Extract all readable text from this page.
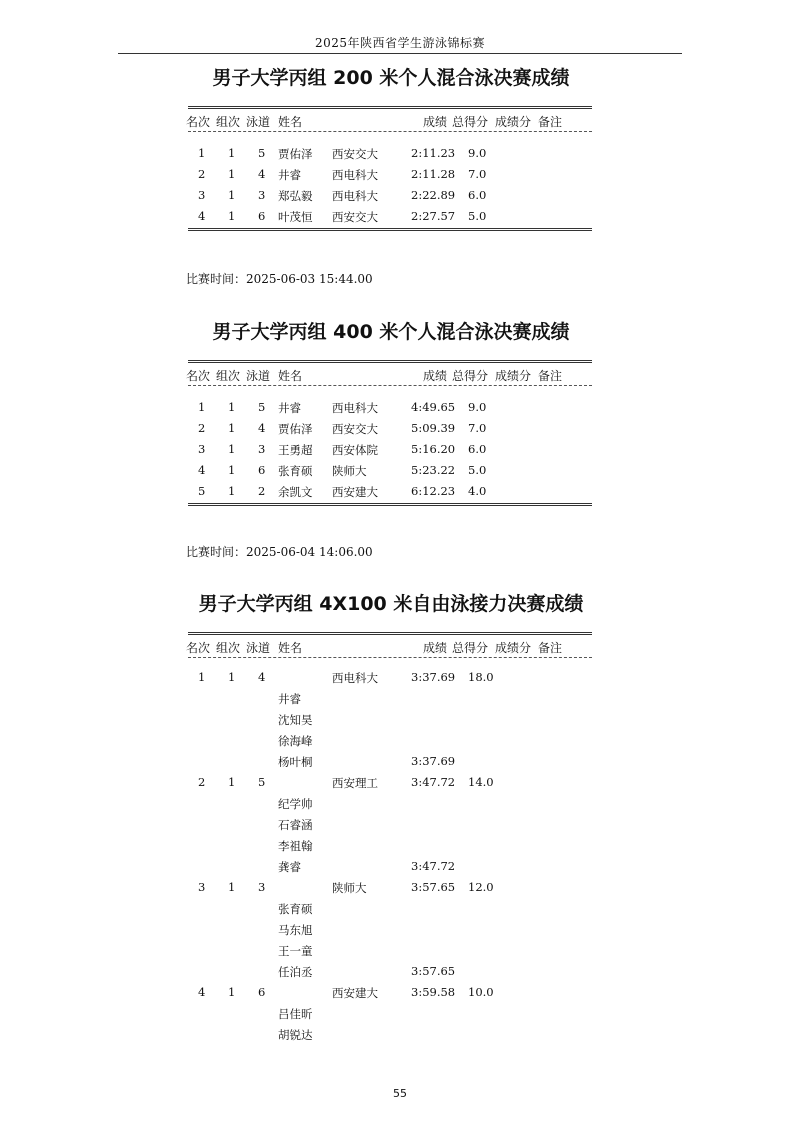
2025年陕西省学生游泳锦标赛
男子大学丙组 200 米个人混合泳决赛成绩
名次 组次 泳道 姓名	成绩 总得分 成绩分 备注
1 1 5 贾佑泽 西安交大	2:11.23 9.0
2 1 4 井睿	西电科大	2:11.28 7.0
3 1 3 郑弘毅 西电科大	2:22.89 6.0
4 1 6 叶茂恒 西安交大	2:27.57 5.0
比赛时间：2025-06-03 15:44.00
男子大学丙组 400 米个人混合泳决赛成绩
名次 组次 泳道 姓名	成绩 总得分 成绩分 备注
1 1 5 井睿	西电科大	4:49.65 9.0
2 1 4 贾佑泽 西安交大	5:09.39 7.0
3 1 3 王勇超 西安体院	5:16.20 6.0
4 1 6 张育硕 陕师大	5:23.22 5.0
5 1 2 余凯文 西安建大	6:12.23 4.0
比赛时间：2025-06-04 14:06.00
男子大学丙组 4X100 米自由泳接力决赛成绩
名次 组次 泳道 姓名	成绩 总得分 成绩分 备注
1 1 4	西电科大	3:37.69 18.0
井睿
沈知昊
徐海峰
杨叶桐	3:37.69
2 1 5	西安理工	3:47.72 14.0
纪学帅
石睿涵
李祖翰
龚睿	3:47.72
3 1 3	陕师大	3:57.65 12.0
张育硕
马东旭
王一童
任泊丞	3:57.65
4 1 6	西安建大	3:59.58 10.0
吕佳昕
胡锐达
55
